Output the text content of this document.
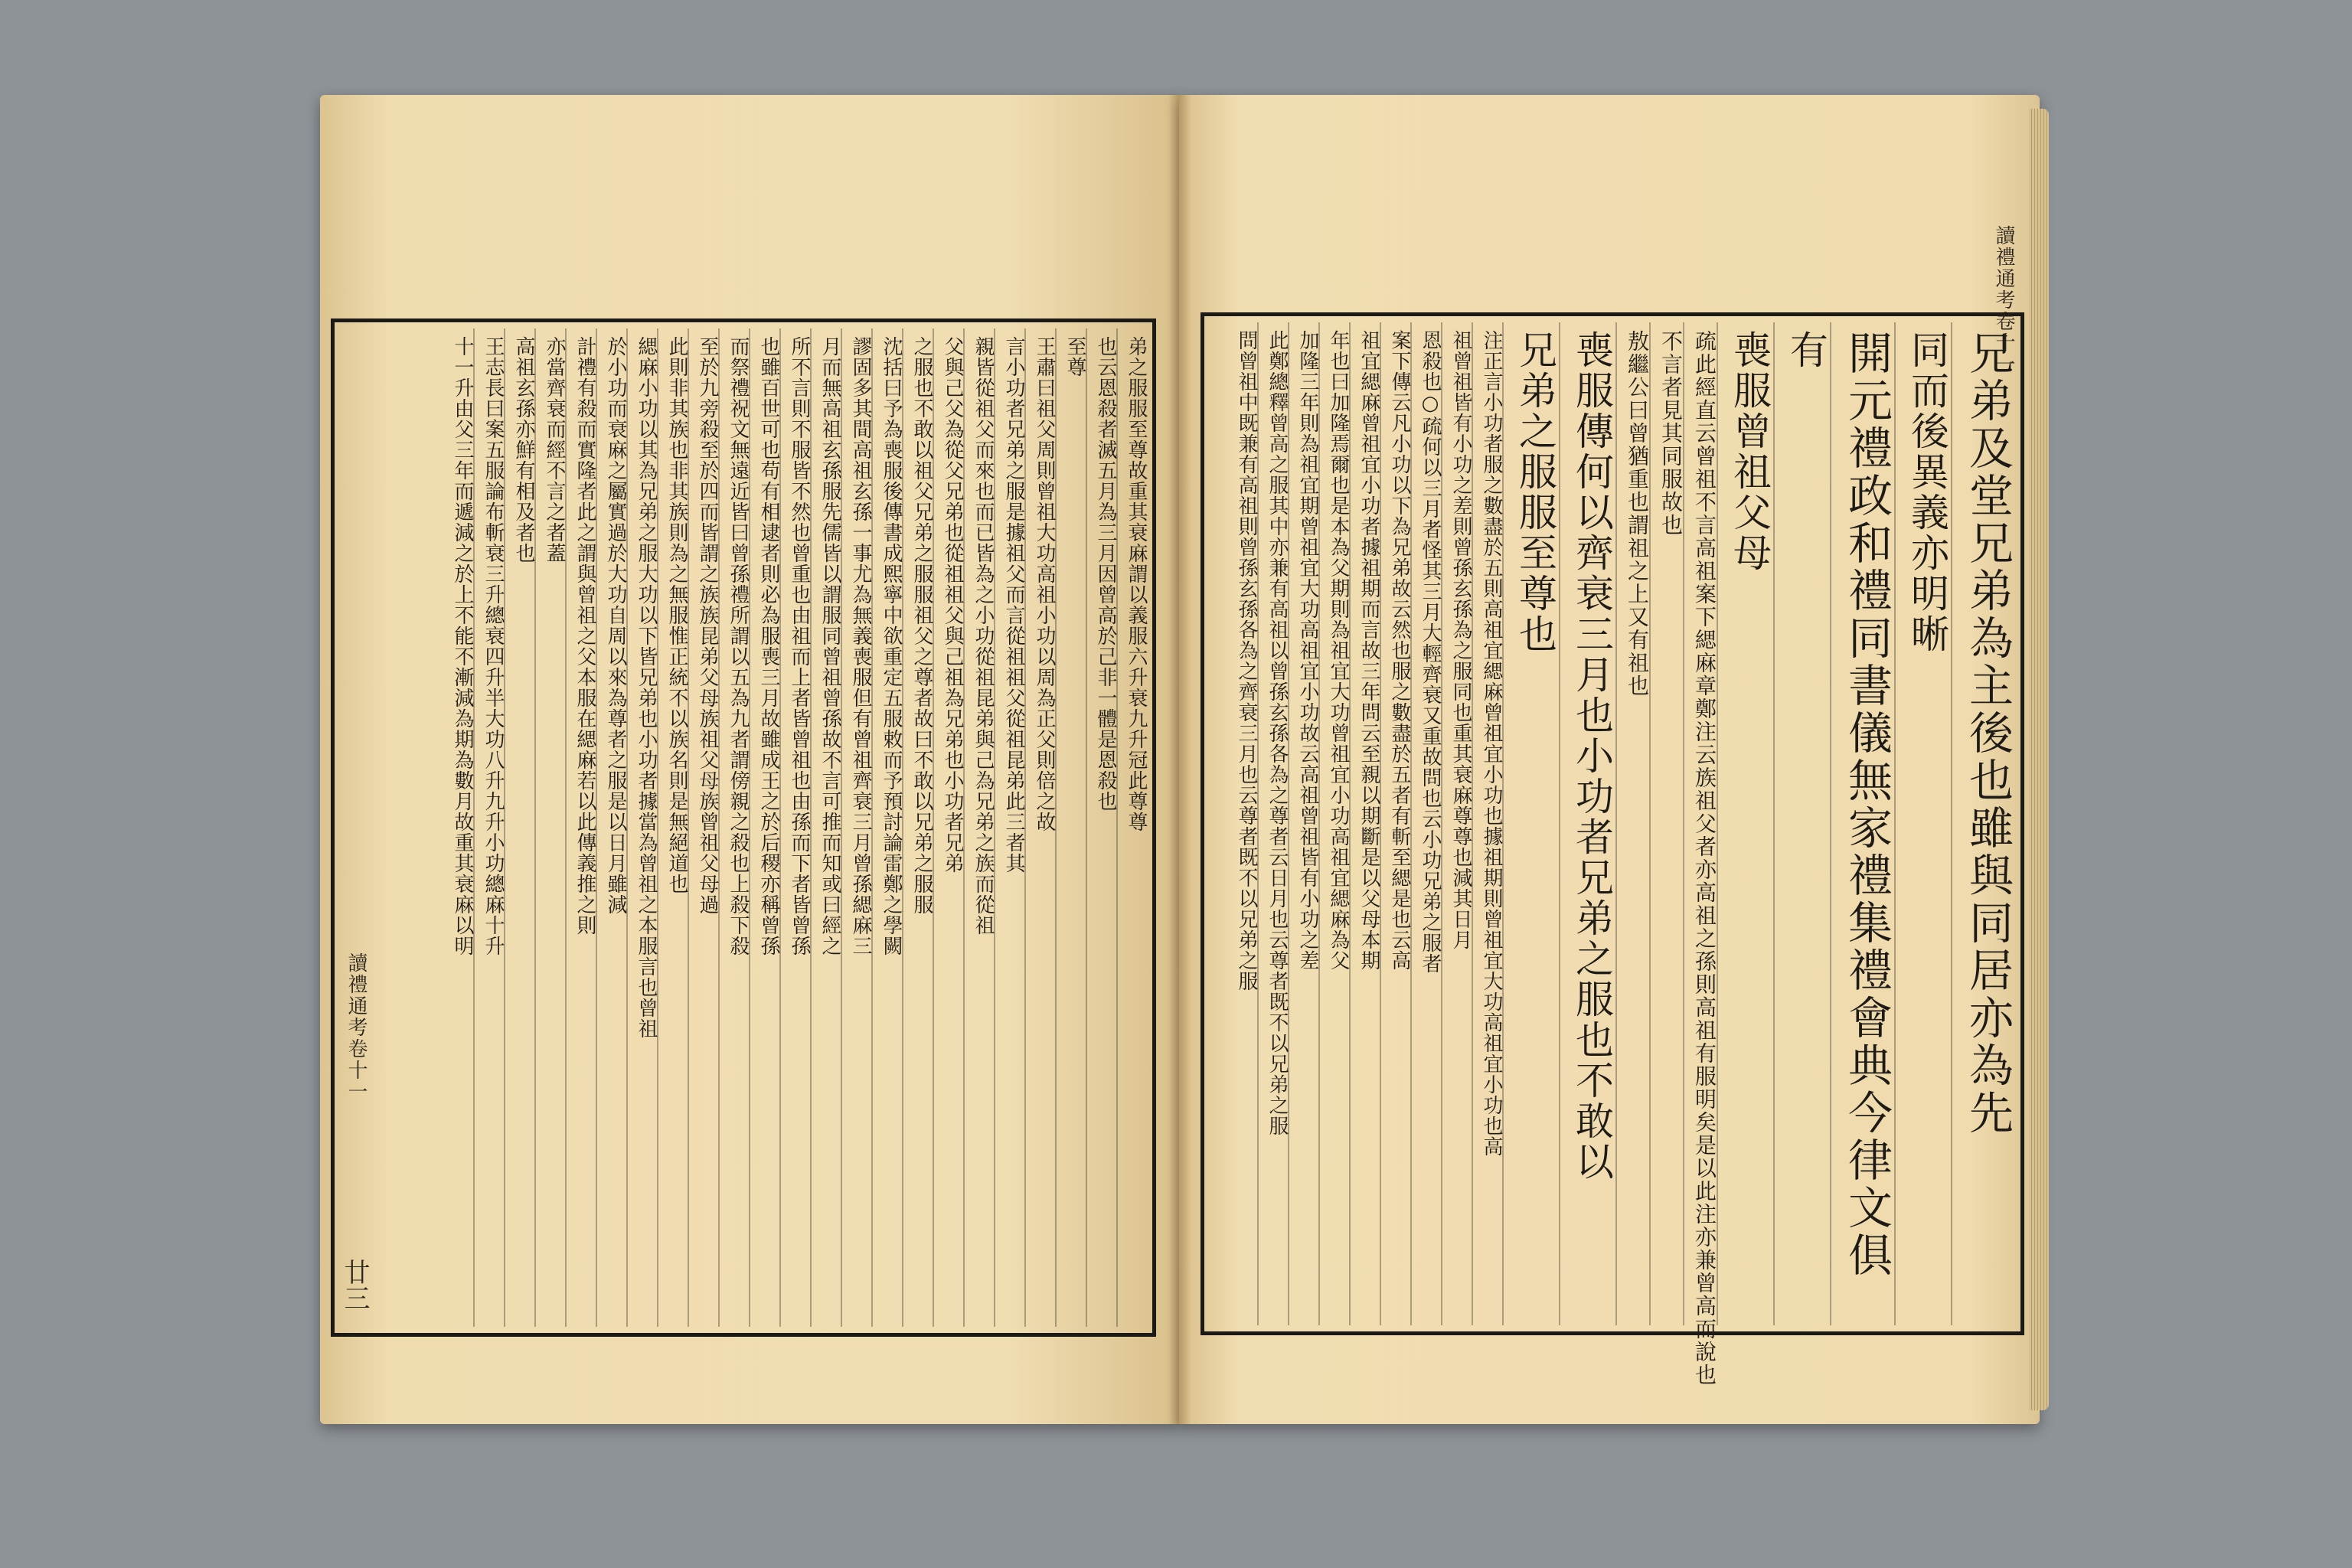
弟之服服至尊故重其衰麻謂以義服六升衰九升冠此尊尊
也云恩殺者滅五月為三月因曾高於己非一體是恩殺也
至尊
王肅曰祖父周則曾祖大功高祖小功以周為正父則倍之故
言小功者兄弟之服是據祖父而言從祖祖父從祖昆弟此三者其
親皆從祖父而來也而已皆為之小功從祖昆弟與己為兄弟之族而從祖
父與己父為從父兄弟也從祖祖父與己祖為兄弟也小功者兄弟
之服也不敢以祖父兄弟之服服祖父之尊者故曰不敢以兄弟之服服
沈括曰予為喪服後傳書成熙寧中欲重定五服敕而予預討論雷鄭之學闕
謬固多其間高祖玄孫一事尤為無義喪服但有曾祖齊衰三月曾孫緦麻三
月而無高祖玄孫服先儒皆以謂服同曾祖曾孫故不言可推而知或曰經之
所不言則不服皆不然也曾重也由祖而上者皆曾祖也由孫而下者皆曾孫
也雖百世可也苟有相逮者則必為服喪三月故雖成王之於后稷亦稱曾孫
而祭禮祝文無遠近皆曰曾孫禮所謂以五為九者謂傍親之殺也上殺下殺
至於九旁殺至於四而皆謂之族族昆弟父母族祖父母族曾祖父母過
此則非其族也非其族則為之無服惟正統不以族名則是無絕道也
緦麻小功以其為兄弟之服大功以下皆兄弟也小功者據當為曾祖之本服言也曾祖
於小功而衰麻之屬實過於大功自周以來為尊者之服是以日月雖減
計禮有殺而實隆者此之謂與曾祖之父本服在緦麻若以此傳義推之則
亦當齊衰而經不言之者蓋
高祖玄孫亦鮮有相及者也
王志長曰案五服論布斬衰三升總衰四升半大功八升九升小功總麻十升
十一升由父三年而遞減之於上不能不漸減為期為數月故重其衰麻以明
讀禮通考卷十一
廿三
兄弟及堂兄弟為主後也雖與同居亦為先
同而後異義亦明晰
開元禮政和禮同書儀無家禮集禮會典今律文俱
有
喪服曾祖父母
疏此經直云曾祖不言高祖案下緦麻章鄭注云族祖父者亦高祖之孫則高祖有服明矣是以此注亦兼曾高而說也
不言者見其同服故也
敖繼公曰曾猶重也謂祖之上又有祖也
喪服傳何以齊衰三月也小功者兄弟之服也不敢以
兄弟之服服至尊也
注正言小功者服之數盡於五則高祖宜緦麻曾祖宜小功也據祖期則曾祖宜大功高祖宜小功也高
祖曾祖皆有小功之差則曾孫玄孫為之服同也重其衰麻尊尊也減其日月
恩殺也○疏何以三月者怪其三月大輕齊衰又重故問也云小功兄弟之服者
案下傳云凡小功以下為兄弟故云然也服之數盡於五者有斬至緦是也云高
祖宜緦麻曾祖宜小功者據祖期而言故三年問云至親以期斷是以父母本期
年也曰加隆焉爾也是本為父期則為祖宜大功曾祖宜小功高祖宜緦麻為父
加隆三年則為祖宜期曾祖宜大功高祖宜小功故云高祖曾祖皆有小功之差
此鄭總釋曾高之服其中亦兼有高祖以曾孫玄孫各為之尊者云日月也云尊者既不以兄弟之服
問曾祖中既兼有高祖則曾孫玄孫各為之齊衰三月也云尊者既不以兄弟之服
讀禮通考卷十一
